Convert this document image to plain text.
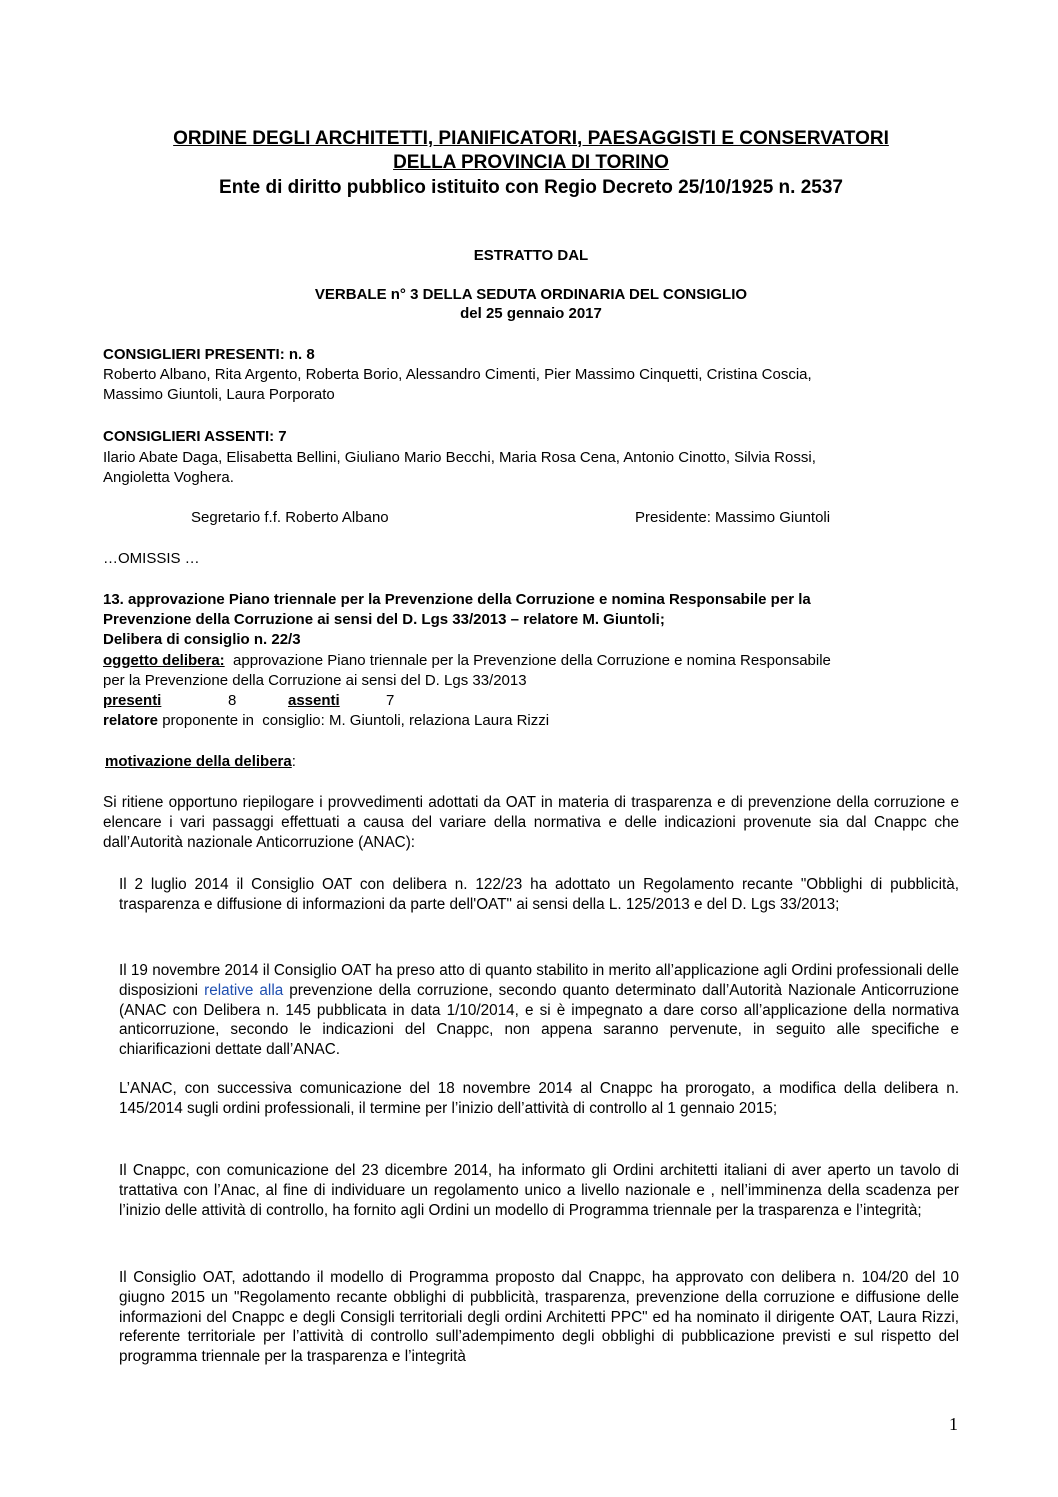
ORDINE DEGLI ARCHITETTI, PIANIFICATORI, PAESAGGISTI E CONSERVATORI
DELLA PROVINCIA DI TORINO
Ente di diritto pubblico istituito con Regio Decreto 25/10/1925 n. 2537
ESTRATTO DAL
VERBALE n° 3 DELLA SEDUTA ORDINARIA DEL CONSIGLIO
del 25 gennaio 2017
CONSIGLIERI PRESENTI: n. 8
Roberto Albano, Rita Argento, Roberta Borio, Alessandro Cimenti, Pier Massimo Cinquetti, Cristina Coscia,
Massimo Giuntoli, Laura Porporato
CONSIGLIERI ASSENTI: 7
Ilario Abate Daga, Elisabetta Bellini, Giuliano Mario Becchi, Maria Rosa Cena, Antonio Cinotto, Silvia Rossi,
Angioletta Voghera.
Segretario f.f. Roberto Albano	Presidente: Massimo Giuntoli
…OMISSIS …
13. approvazione Piano triennale per la Prevenzione della Corruzione e nomina Responsabile per la
Prevenzione della Corruzione ai sensi del D. Lgs 33/2013 – relatore M. Giuntoli;
Delibera di consiglio n. 22/3
oggetto delibera:  approvazione Piano triennale per la Prevenzione della Corruzione e nomina Responsabile
per la Prevenzione della Corruzione ai sensi del D. Lgs 33/2013
presenti	8	assenti	7
relatore proponente in  consiglio: M. Giuntoli, relaziona Laura Rizzi
motivazione della delibera:
Si ritiene opportuno riepilogare i provvedimenti adottati da OAT in materia di trasparenza e di prevenzione della corruzione e elencare i vari passaggi effettuati a causa del variare della normativa e delle indicazioni provenute sia dal Cnappc che dall’Autorità nazionale Anticorruzione (ANAC):
Il 2 luglio 2014 il Consiglio OAT con delibera n. 122/23 ha adottato un Regolamento recante "Obblighi di pubblicità, trasparenza e diffusione di informazioni da parte dell'OAT" ai sensi della L. 125/2013 e del D. Lgs 33/2013;
Il 19 novembre 2014 il Consiglio OAT ha preso atto di quanto stabilito in merito all’applicazione agli Ordini professionali delle disposizioni relative alla prevenzione della corruzione, secondo quanto determinato dall’Autorità Nazionale Anticorruzione (ANAC con Delibera n. 145 pubblicata in data 1/10/2014, e si è impegnato a dare corso all’applicazione della normativa anticorruzione, secondo le indicazioni del Cnappc, non appena saranno pervenute, in seguito alle specifiche e chiarificazioni dettate dall’ANAC.
L’ANAC, con successiva comunicazione del 18 novembre 2014 al Cnappc ha prorogato, a modifica della delibera n. 145/2014 sugli ordini professionali, il termine per l’inizio dell’attività di controllo al 1 gennaio 2015;
Il Cnappc, con comunicazione del 23 dicembre 2014, ha informato gli Ordini architetti italiani di aver aperto un tavolo di trattativa con l’Anac, al fine di individuare un regolamento unico a livello nazionale e , nell’imminenza della scadenza per l’inizio delle attività di controllo, ha fornito agli Ordini un modello di Programma triennale per la trasparenza e l’integrità;
Il Consiglio OAT, adottando il modello di Programma proposto dal Cnappc, ha approvato con delibera n. 104/20 del 10 giugno 2015 un "Regolamento recante obblighi di pubblicità, trasparenza, prevenzione della corruzione e diffusione delle informazioni del Cnappc e degli Consigli territoriali degli ordini Architetti PPC" ed ha nominato il dirigente OAT, Laura Rizzi, referente territoriale per l’attività di controllo sull’adempimento degli obblighi di pubblicazione previsti e sul rispetto del programma triennale per la trasparenza e l’integrità
1
